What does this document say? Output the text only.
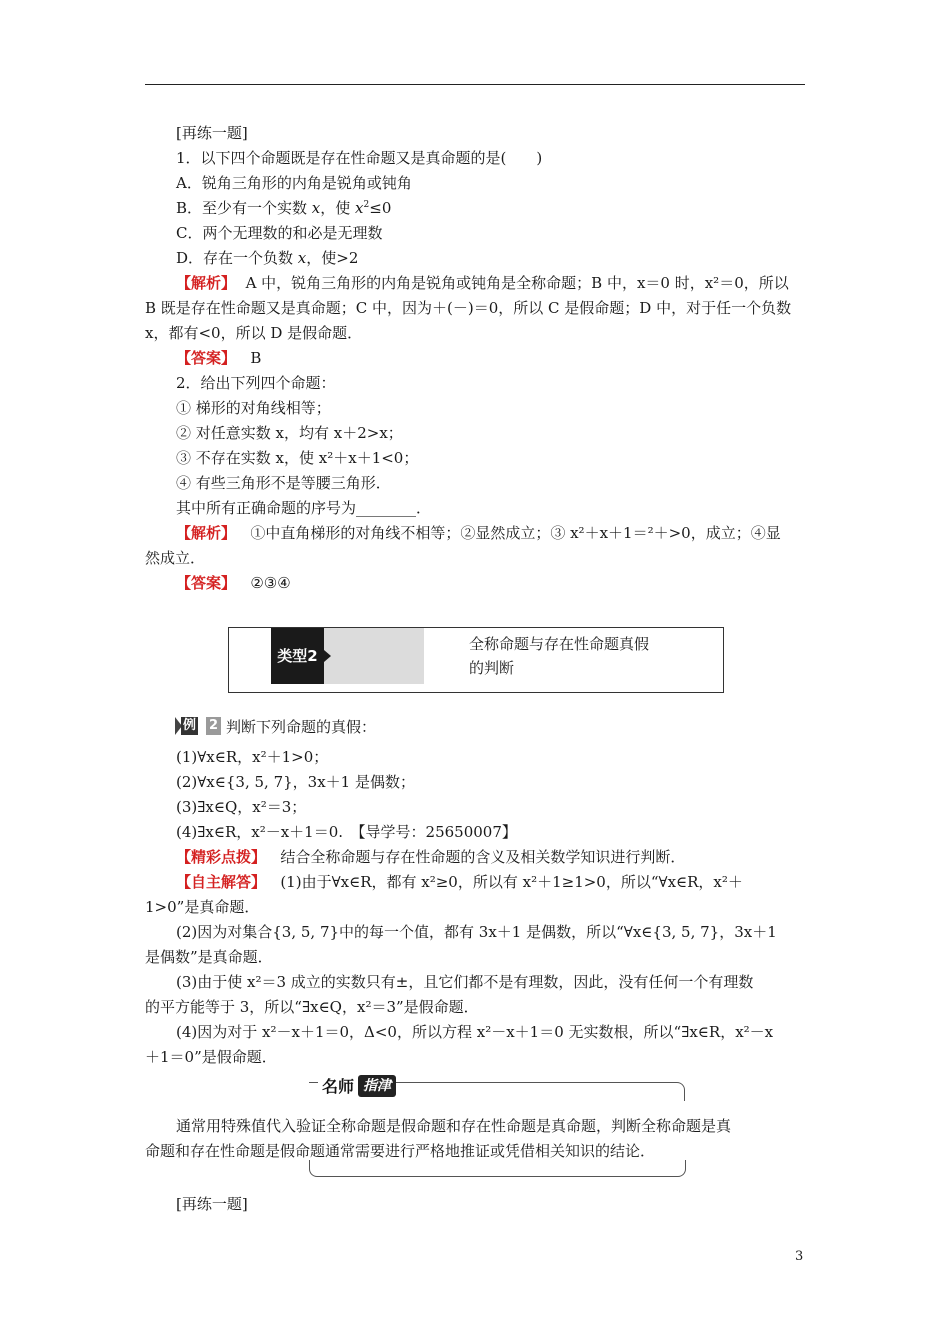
[再练一题]
1．以下四个命题既是存在性命题又是真命题的是(　　)
A．锐角三角形的内角是锐角或钝角
B．至少有一个实数 x，使 $x^2\le 0$
C．两个无理数的和必是无理数
D．存在一个负数 x，使>2
【解析】 A 中，锐角三角形的内角是锐角或钝角是全称命题；B 中，x＝0 时，x²＝0，所以
B 既是存在性命题又是真命题；C 中，因为＋(－)＝0，所以 C 是假命题；D 中，对于任一个负数
x，都有<0，所以 D 是假命题．
【答案】 B
2．给出下列四个命题：
① 梯形的对角线相等；
② 对任意实数 x，均有 x＋2>x；
③ 不存在实数 x，使 x²＋x＋1<0；
④ 有些三角形不是等腰三角形．
其中所有正确命题的序号为________．
【解析】 ①中直角梯形的对角线不相等；②显然成立；③ x²＋x＋1＝²＋>0，成立；④显
然成立．
【答案】 ②③④
类型2
全称命题与存在性命题真假
的判断
例 2 判断下列命题的真假：
(1)∀x∈R，x²＋1>0；
(2)∀x∈{3, 5, 7}，3x＋1 是偶数；
(3)∃x∈Q，x²＝3；
(4)∃x∈R，x²－x＋1＝0.　【导学号：25650007】
【精彩点拨】 结合全称命题与存在性命题的含义及相关数学知识进行判断．
【自主解答】 (1)由于∀x∈R，都有 x²≥0，所以有 x²＋1≥1>0，所以“∀x∈R，x²＋
1>0”是真命题．
(2)因为对集合{3, 5, 7}中的每一个值，都有 3x＋1 是偶数，所以“∀x∈{3, 5, 7}，3x＋1
是偶数”是真命题．
(3)由于使 x²＝3 成立的实数只有±，且它们都不是有理数，因此，没有任何一个有理数
的平方能等于 3，所以“∃x∈Q，x²＝3”是假命题．
(4)因为对于 x²－x＋1＝0，Δ<0，所以方程 x²－x＋1＝0 无实数根，所以“∃x∈R，x²－x
＋1＝0”是假命题．
名师 指津
通常用特殊值代入验证全称命题是假命题和存在性命题是真命题，判断全称命题是真
命题和存在性命题是假命题通常需要进行严格地推证或凭借相关知识的结论．
[再练一题]
3
